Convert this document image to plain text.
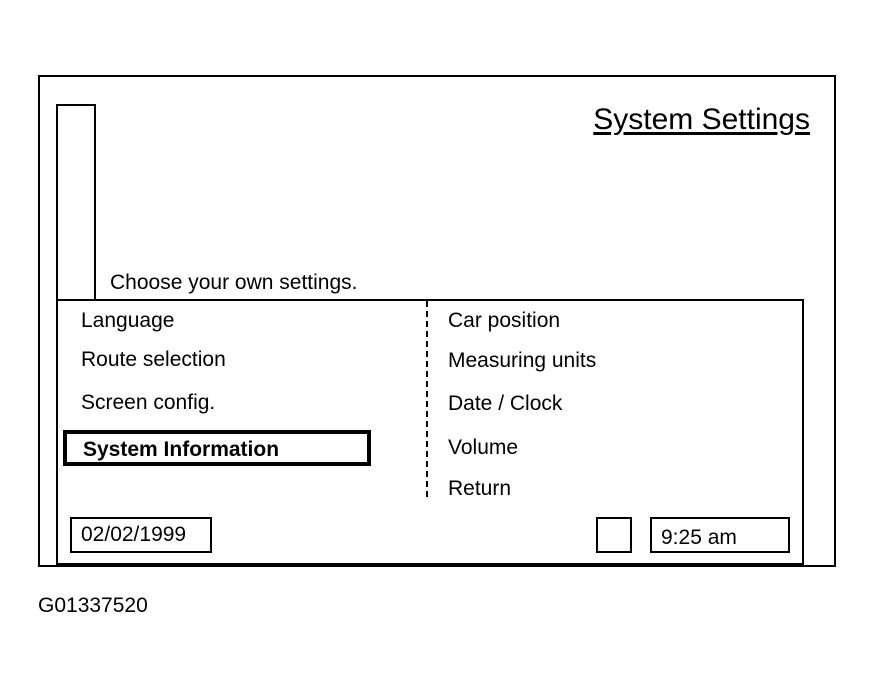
System Settings
Choose your own settings.
Language
Route selection
Screen config.
System Information
Car position
Measuring units
Date / Clock
Volume
Return
02/02/1999	9:25 am
G01337520
